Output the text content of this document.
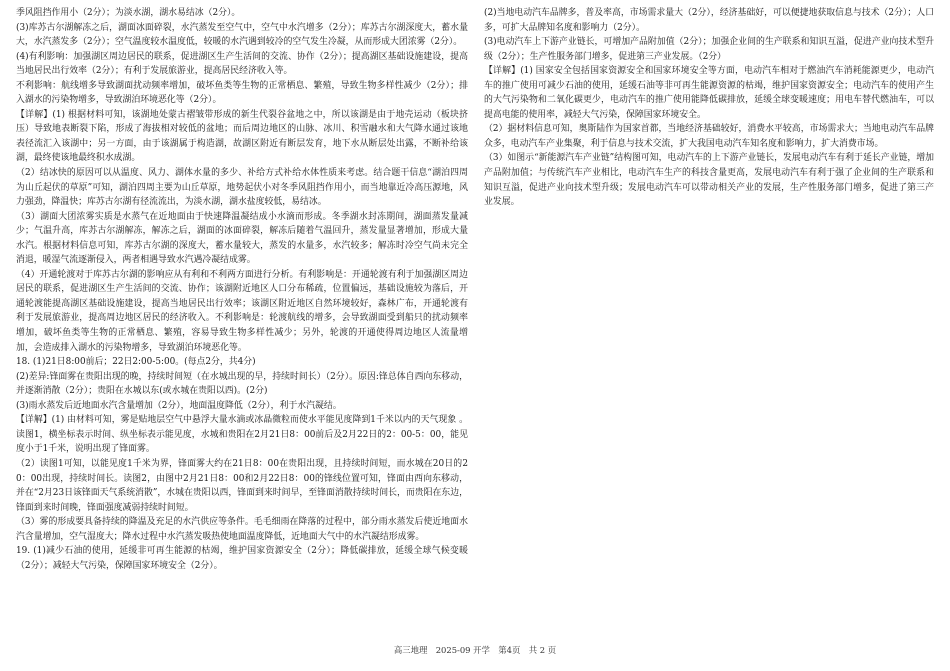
季风阻挡作用小（2分）；为淡水湖，湖水易结冰（2分）。

(3)库苏古尔湖解冻之后，湖面冰面碎裂，水汽蒸发至空气中，空气中水汽增多（2分）；库苏古尔湖深度大，蓄水量大，水汽蒸发多（2分）；空气温度较水温度低，较暖的水汽遇到较冷的空气发生冷凝，从而形成大团浓雾（2分）。

(4)有利影响：加强湖区周边居民的联系，促进湖区生产生活间的交流、协作（2分）；提高湖区基础设施建设，提高当地居民出行效率（2分）；有利于发展旅游业，提高居民经济收入等。

不利影响：航线增多导致湖面扰动频率增加，破坏鱼类等生物的正常栖息、繁殖，导致生物多样性减少（2分）；排入湖水的污染物增多，导致湖泊环境恶化等（2分）。

【详解】(1) 根据材料可知，该湖地处蒙古褶皱带形成的新生代裂谷盆地之中，所以该湖是由于地壳运动（板块挤压）导致地表断裂下陷，形成了海拔相对较低的盆地；而后周边地区的山脉、冰川、积雪融水和大气降水通过该地表径流汇入该湖中；另一方面，由于该湖属于构造湖，故湖区附近有断层发育，地下水从断层处出露，不断补给该湖，最终使该地最终积水成湖。

（2）结冰快的原因可以从温度、风力、湖体水量的多少、补给方式补给水体性质来考虑。结合题干信息“湖泊四周为山丘起伏的草原”可知，湖泊四周主要为山丘草原，地势起伏小对冬季风阻挡作用小，而当地靠近冷高压源地，风力强劲，降温快；库苏古尔湖有径流流出，为淡水湖，湖水盐度较低，易结冰。

（3）湖面大团浓雾实质是水蒸气在近地面由于快速降温凝结成小水滴而形成。冬季湖水封冻期间，湖面蒸发量减少；气温升高，库苏古尔湖解冻，解冻之后，湖面的冰面碎裂，解冻后随着气温回升，蒸发量显著增加，形成大量水汽。根据材料信息可知，库苏古尔湖的深度大，蓄水量较大，蒸发的水量多，水汽较多；解冻时冷空气尚未完全消退，暖湿气流逐渐侵入，两者相遇导致水汽遇冷凝结成雾。

（4）开通轮渡对于库苏古尔湖的影响应从有利和不利两方面进行分析。有利影响是：开通轮渡有利于加强湖区周边居民的联系，促进湖区生产生活间的交流、协作；该湖附近地区人口分布稀疏，位置偏远，基础设施较为落后，开通轮渡能提高湖区基础设施建设，提高当地居民出行效率；该湖区附近地区自然环境较好，森林广布，开通轮渡有利于发展旅游业，提高周边地区居民的经济收入。不利影响是：轮渡航线的增多，会导致湖面受到船只的扰动频率增加，破坏鱼类等生物的正常栖息、繁殖，容易导致生物多样性减少；另外，轮渡的开通使得周边地区人流量增加，会造成排入湖水的污染物增多，导致湖泊环境恶化等。

18. (1)21日8:00前后；22日2:00-5:00。(每点2分，共4分)

(2)差异:锋面雾在贵阳出现的晚，持续时间短（在水城出现的早，持续时间长）（2分）。原因:锋总体自西向东移动，并逐渐消散（2分）；贵阳在水城以东(或水城在贵阳以西)。(2分)

(3)雨水蒸发后近地面水汽含量增加（2分），地面温度降低（2分），利于水汽凝结。

【详解】(1) 由材料可知，雾是贴地层空气中悬浮大量水滴或冰晶微粒而使水平能见度降到1千米以内的天气现象 。读图1，横坐标表示时间、纵坐标表示能见度，水城和贵阳在2月21日8：00前后及2月22日的2：00-5：00，能见度小于1千米，说明出现了锋面雾。

（2）读图1可知，以能见度1千米为界，锋面雾大约在21日8：00在贵阳出现，且持续时间短，而水城在20日的20：00出现，持续时间长。读图2，由图中2月21日8：00和2月22日8：00的锋线位置可知，锋面由西向东移动，并在“2月23日该锋面天气系统消散”，水城在贵阳以西，锋面到来时间早，至锋面消散持续时间长，而贵阳在东边，锋面到来时间晚，锋面强度减弱持续时间短。

（3）雾的形成要具备持续的降温及充足的水汽供应等条件。毛毛细雨在降落的过程中，部分雨水蒸发后使近地面水汽含量增加，空气湿度大；降水过程中水汽蒸发吸热使地面温度降低，近地面大气中的水汽凝结形成雾。

19. (1)减少石油的使用，延缓非可再生能源的枯竭，维护国家资源安全（2分）；降低碳排放，延缓全球气候变暖（2分）；减轻大气污染，保障国家环境安全（2分）。

(2)当地电动汽车品牌多，普及率高，市场需求量大（2分），经济基础好，可以便捷地获取信息与技术（2分）；人口多，可扩大品牌知名度和影响力（2分）。

(3)电动汽车上下游产业链长，可增加产品附加值（2分）；加强企业间的生产联系和知识互溢，促进产业向技术型升级（2分）；生产性服务部门增多，促进第三产业发展。（2分）

【详解】(1) 国家安全包括国家资源安全和国家环境安全等方面，电动汽车相对于燃油汽车消耗能源更少，电动汽车的推广使用可减少石油的使用，延缓石油等非可再生能源资源的枯竭，维护国家资源安全；电动汽车的使用产生的大气污染物和二氧化碳更少，电动汽车的推广使用能降低碳排放，延缓全球变暖速度；用电车替代燃油车，可以提高电能的使用率，减轻大气污染，保障国家环境安全。

（2）据材料信息可知，奥斯陆作为国家首都，当地经济基础较好，消费水平较高，市场需求大；当地电动汽车品牌众多，电动汽车产业集聚，利于信息与技术交流，扩大我国电动汽车知名度和影响力，扩大消费市场。

（3）如图示“新能源汽车产业链”结构图可知，电动汽车的上下游产业链长，发展电动汽车有利于延长产业链，增加产品附加值；与传统汽车产业相比，电动汽车生产的科技含量更高，发展电动汽车有利于强了企业间的生产联系和知识互溢，促进产业向技术型升级；发展电动汽车可以带动相关产业的发展，生产性服务部门增多，促进了第三产业发展。

高三地理　2025-09 开学　第4页　共 2 页
